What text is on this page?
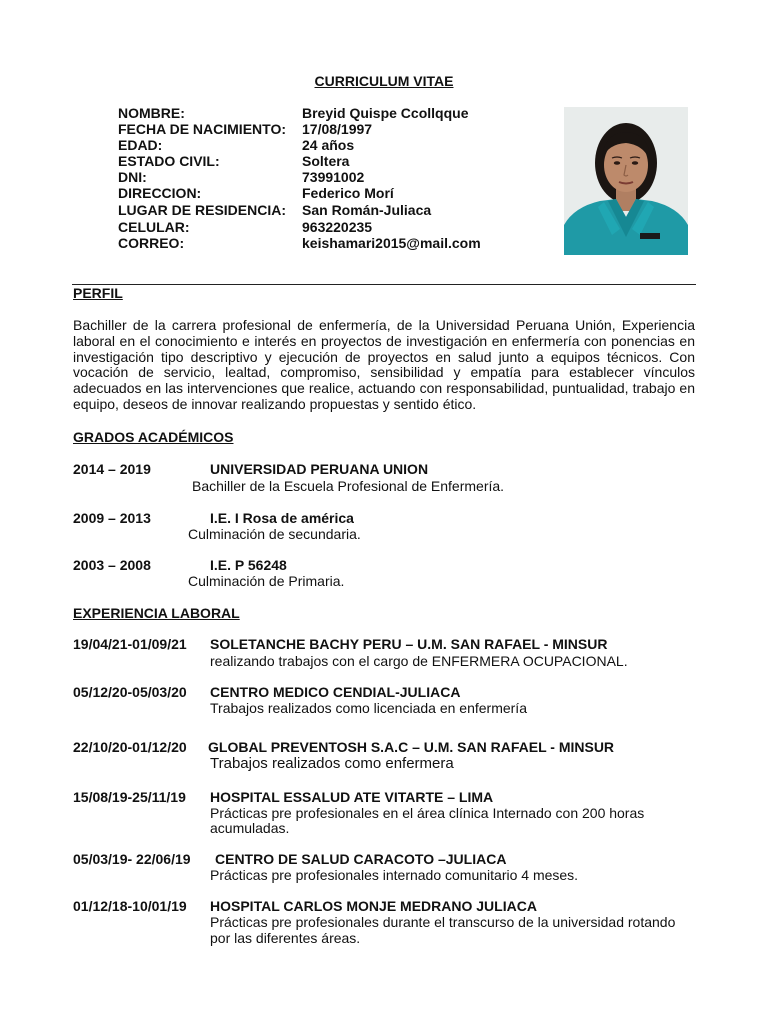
CURRICULUM VITAE
NOMBRE:	Breyid Quispe Ccollqque
FECHA DE NACIMIENTO: 17/08/1997
EDAD:	24 años
ESTADO CIVIL:	Soltera
DNI:	73991002
DIRECCION:	Federico Morí
LUGAR DE RESIDENCIA: San Román-Juliaca
CELULAR:	963220235
CORREO:	keishamari2015@mail.com
PERFIL
Bachiller de la carrera profesional de enfermería, de la Universidad Peruana Unión, Experiencia laboral en el conocimiento e interés en proyectos de investigación en enfermería con ponencias en investigación tipo descriptivo y ejecución de proyectos en salud junto a equipos técnicos. Con vocación de servicio, lealtad, compromiso, sensibilidad y empatía para establecer vínculos adecuados en las intervenciones que realice, actuando con responsabilidad, puntualidad, trabajo en equipo, deseos de innovar realizando propuestas y sentido ético.
GRADOS ACADÉMICOS
2014 – 2019	UNIVERSIDAD PERUANA UNION
Bachiller de la Escuela Profesional de Enfermería.
2009 – 2013	I.E. I Rosa de américa
Culminación de secundaria.
2003 – 2008	I.E. P 56248
Culminación de Primaria.
EXPERIENCIA LABORAL
19/04/21-01/09/21 SOLETANCHE BACHY PERU – U.M. SAN RAFAEL - MINSUR
realizando trabajos con el cargo de ENFERMERA OCUPACIONAL.
05/12/20-05/03/20 CENTRO MEDICO CENDIAL-JULIACA
Trabajos realizados como licenciada en enfermería
22/10/20-01/12/20 GLOBAL PREVENTOSH S.A.C – U.M. SAN RAFAEL - MINSUR
Trabajos realizados como enfermera
15/08/19-25/11/19 HOSPITAL ESSALUD ATE VITARTE – LIMA
Prácticas pre profesionales en el área clínica Internado con 200 horas
acumuladas.
05/03/19- 22/06/19 CENTRO DE SALUD CARACOTO –JULIACA
Prácticas pre profesionales internado comunitario 4 meses.
01/12/18-10/01/19 HOSPITAL CARLOS MONJE MEDRANO JULIACA
Prácticas pre profesionales durante el transcurso de la universidad rotando
por las diferentes áreas.
